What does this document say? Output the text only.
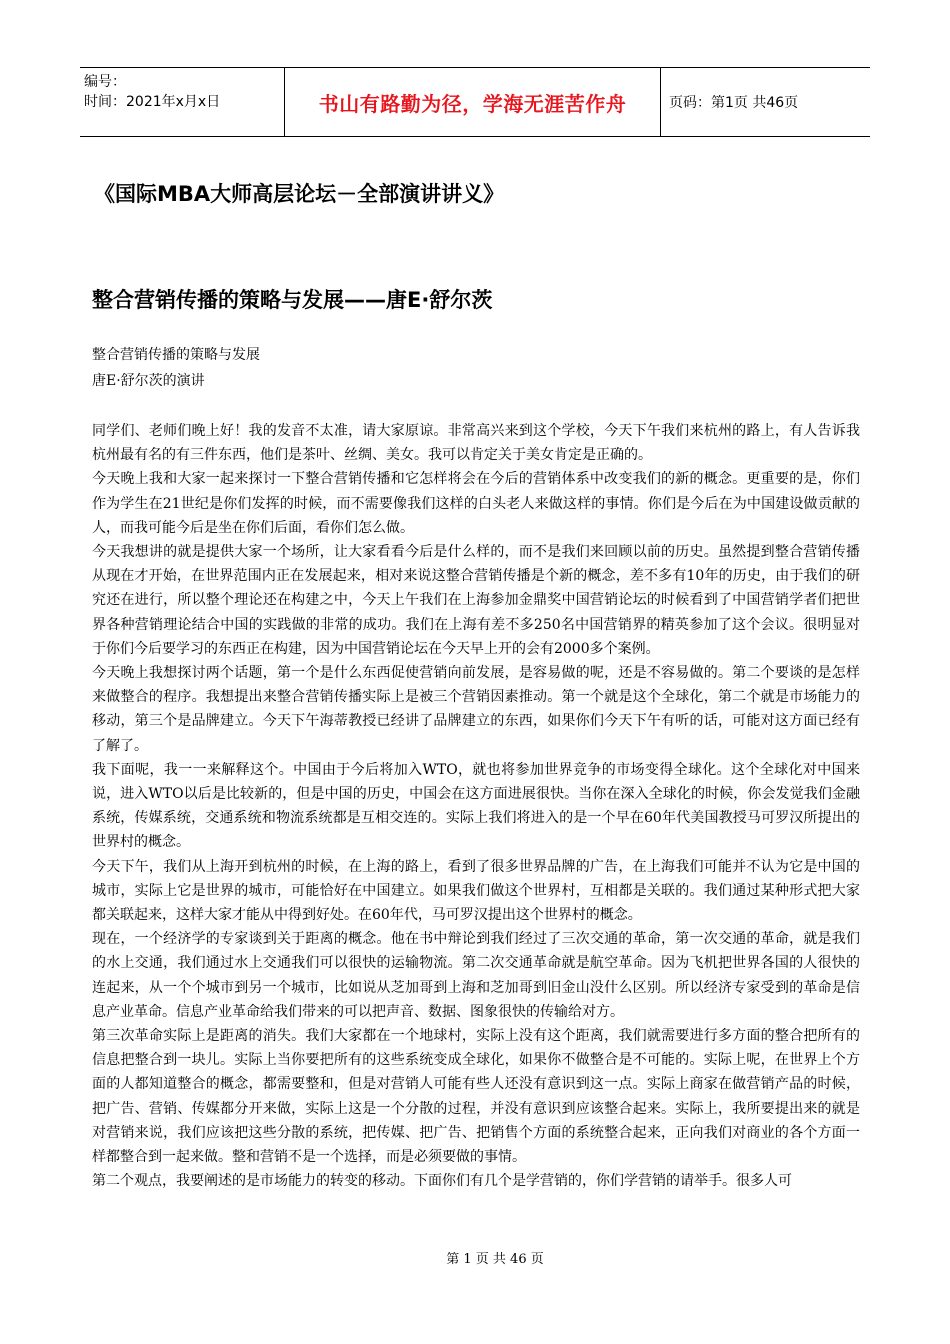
编号：
时间：2021年x月x日	书山有路勤为径，学海无涯苦作舟	页码：第1页 共46页
《国际MBA大师高层论坛－全部演讲讲义》
整合营销传播的策略与发展——唐E·舒尔茨
整合营销传播的策略与发展
唐E·舒尔茨的演讲

同学们、老师们晚上好！我的发音不太准，请大家原谅。非常高兴来到这个学校，今天下午我们来杭州的路上，有人告诉我杭州最有名的有三件东西，他们是茶叶、丝绸、美女。我可以肯定关于美女肯定是正确的。

今天晚上我和大家一起来探讨一下整合营销传播和它怎样将会在今后的营销体系中改变我们的新的概念。更重要的是，你们作为学生在21世纪是你们发挥的时候，而不需要像我们这样的白头老人来做这样的事情。你们是今后在为中国建设做贡献的人，而我可能今后是坐在你们后面，看你们怎么做。

今天我想讲的就是提供大家一个场所，让大家看看今后是什么样的，而不是我们来回顾以前的历史。虽然提到整合营销传播从现在才开始，在世界范围内正在发展起来，相对来说这整合营销传播是个新的概念，差不多有10年的历史，由于我们的研究还在进行，所以整个理论还在构建之中，今天上午我们在上海参加金鼎奖中国营销论坛的时候看到了中国营销学者们把世界各种营销理论结合中国的实践做的非常的成功。我们在上海有差不多250名中国营销界的精英参加了这个会议。很明显对于你们今后要学习的东西正在构建，因为中国营销论坛在今天早上开的会有2000多个案例。

今天晚上我想探讨两个话题，第一个是什么东西促使营销向前发展，是容易做的呢，还是不容易做的。第二个要谈的是怎样来做整合的程序。我想提出来整合营销传播实际上是被三个营销因素推动。第一个就是这个全球化，第二个就是市场能力的移动，第三个是品牌建立。今天下午海蒂教授已经讲了品牌建立的东西，如果你们今天下午有听的话，可能对这方面已经有了解了。

我下面呢，我一一来解释这个。中国由于今后将加入WTO，就也将参加世界竞争的市场变得全球化。这个全球化对中国来说，进入WTO以后是比较新的，但是中国的历史，中国会在这方面进展很快。当你在深入全球化的时候，你会发觉我们金融系统，传媒系统，交通系统和物流系统都是互相交连的。实际上我们将进入的是一个早在60年代美国教授马可罗汉所提出的世界村的概念。

今天下午，我们从上海开到杭州的时候，在上海的路上，看到了很多世界品牌的广告，在上海我们可能并不认为它是中国的城市，实际上它是世界的城市，可能恰好在中国建立。如果我们做这个世界村，互相都是关联的。我们通过某种形式把大家都关联起来，这样大家才能从中得到好处。在60年代，马可罗汉提出这个世界村的概念。

现在，一个经济学的专家谈到关于距离的概念。他在书中辩论到我们经过了三次交通的革命，第一次交通的革命，就是我们的水上交通，我们通过水上交通我们可以很快的运输物流。第二次交通革命就是航空革命。因为飞机把世界各国的人很快的连起来，从一个个城市到另一个城市，比如说从芝加哥到上海和芝加哥到旧金山没什么区别。所以经济专家受到的革命是信息产业革命。信息产业革命给我们带来的可以把声音、数据、图象很快的传输给对方。

第三次革命实际上是距离的消失。我们大家都在一个地球村，实际上没有这个距离，我们就需要进行多方面的整合把所有的信息把整合到一块儿。实际上当你要把所有的这些系统变成全球化，如果你不做整合是不可能的。实际上呢，在世界上个方面的人都知道整合的概念，都需要整和，但是对营销人可能有些人还没有意识到这一点。实际上商家在做营销产品的时候，把广告、营销、传媒都分开来做，实际上这是一个分散的过程，并没有意识到应该整合起来。实际上，我所要提出来的就是对营销来说，我们应该把这些分散的系统，把传媒、把广告、把销售个方面的系统整合起来，正向我们对商业的各个方面一样都整合到一起来做。整和营销不是一个选择，而是必须要做的事情。

第二个观点，我要阐述的是市场能力的转变的移动。下面你们有几个是学营销的，你们学营销的请举手。很多人可

第 1 页 共 46 页
